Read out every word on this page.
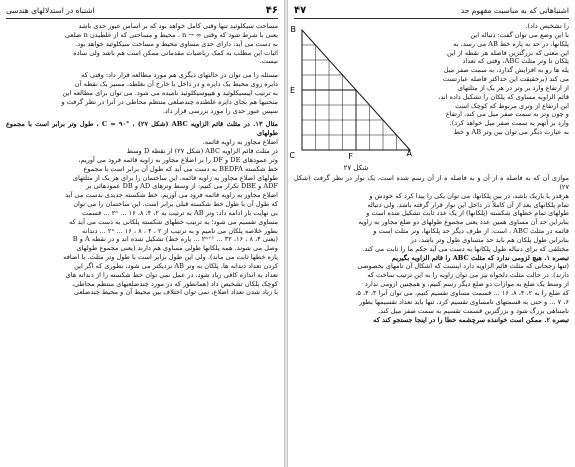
۴۶
اشتباه در استدلالهای هندسی

مساحت سیکلوئید تنها وقتی کامل خواهد بود که بر اساس عبور حدی باشد

یعنی با شرط شود که وقتی ∞ → n ، محیط و مساحتی که از غلطیدن n ضلعی

به دست می آید، دارای حدی مساوی محیط و مساحت سیکلوئید خواهد بود.

اثبات این مطلب به کمک ریاضیات مقدماتی ممکن است هم باشد ولی ساده

نیست.

مسئله را می توان در حالتهای دیگری هم مورد مطالعه قرار داد: وقتی که

دایره روی محیط یک دایره و در داخل یا خارج آن بغلطد، مسیر یک نقطه آن

به ترتیب اپیسیکلوئید و هیپوسیکلوئید نامیده می شود. می توان برای مطالعه این

منحنیها هم بجای دایره غلطنده چندضلعی منتظم محاطی در آنرا در نظر گرفت و

سپس عبور حدی را مورد بررسی قرار داد.

مثال ۱۳. در مثلث قائم الزاویه ABC (شکل ۲۷) ، °C = ۹۰ ، طول وتر برابر است با مجموع طولهای

اضلاع مجاور به زاویه قائمه.

در مثلث قائم الزاویه ABC (شکل ۲۷) از نقطه D وسط

وتر عمودهای DE و DF را بر اضلاع مجاور به زاویه قائمه فرود می آوریم،

خط شکسته BEDFA به دست می آید که طول آن برابر است با مجموع

طولهای اضلاع مجاور به زاویه قائمه. این ساختمان را برای هر یک از مثلثهای

ADF و DBE تکرار می کنیم: از وسط وترهای AD و DB عمودهائی بر

اضلاع مجاور به زاویه قائمه فرود می آوریم، خط شکسته جدیدی بدست می آید

که طول آن با طول خط شکسته قبلی برابر است. این ساختمان را می توان

بی نهایت بار ادامه داد: وتر AB به ترتیب به ۲، ۴، ۸، ۱۶ ... ۲ⁿ ... قسمت

مساوی تقسیم می شود؛ به ترتیب خطهای شکسته پلکانی به دست می آید که

بطور خلاصه پلکان می نامیم و به ترتیب از ۲ ، ۴ ، ۸ ، ۱۶ ... ۲ⁿ ... دندانه

(یعنی ۴، ۸ ، ۱۶، ۳۲ ... ۲ⁿ⁺¹ ... پاره خط) تشکیل شده اند و در نقطه A و B

وصل می شوند. همه پلکانها طولی مساوی هم دارند (یعنی مجموع طولهای

پاره خطها ثابت می ماند). ولی این طول برابر است با طول وتر مثلث. با اضافه

کردن تعداد دندانه ها، پلکان به وتر AB نزدیکتر می شود، بطوری که اگر این

تعداد به اندازه کافی زیاد شود، در عمل نمی توان خط شکسته را از دندانه های

کوچک پلکان تشخیص داد (همانطور که در مورد چندضلعیهای منتظم محاطی،

با زیاد شدن تعداد اضلاع، نمی توان اختلاف بین محیط آن و محیط چندضلعی

۴۷	اشتباهاتی که به مناسبت مفهوم حد
B
A
C
E
F
شکل ۲۷

را تشخیص داد).

با این وضع می توان گفت: دنباله این

پلکانها، در حد به پاره خط AB می رسد، به

این معنی که بزرگترین فاصله هر نقطه از این

پلکان تا وتر مثلث ABC، وقتی که تعداد

پله ها رو به افزایش گذارد، به سمت صفر میل

می کند (برحقیقت این حداکثر فاصله عبارتست

از ارتفاع وارد بر وتر در هر یک از مثلثهای

قائم الزاویه مساوی که پلکان را تشکیل داده اند،

این ارتفاع از وتری مربوط که کوچک است

و چون وتر به سمت صفر میل می کند، ارتفاع

وارد بر آنهم به سمت صفر میل خواهد کرد).

به عبارت دیگر می توان بین وتر AB و خط

موازی آن که به فاصله ه از آن و به فاصله ه از آن رسم شده است، یک نوار در نظر گرفت (شکل ۲۷)

هرقدر یا باریک باشد، در بین پلکانها، می توان یکی را پیدا کرد که خودش و

تمام پلکانهای بعد از آن کاملاً در داخل این نوار قرار گرفته باشد. ولی دنباله

طولهای تمام خطهای شکسته (پلکانها) از یک عدد ثابت تشکیل شده است و

بنابراین حد آن مساوی همین عدد یعنی مجموع طولهای دو ضلع مجاور به زاویه

قائمه در مثلث ABC ، است. از طرف دیگر حد پلکانها، وتر مثلث است و

بنابراین طول پلکان هم باید حد متساوی طول وتر باشد، در

مختلفی که برای دنباله طول پلکانها به دست می آید حکم ما را ثابت می کند.

تبصره ۱. هیچ لزومی ندارد که مثلث ABC را قائم الزاویه بگیریم

(تنها رجحانی که مثلث قائم الزاویه دارد اینست که اشکال آن نامهای بخصوصی

دارند). در حالت مثلث دلخواه نیز می توان زاویه را به این ترتیب ساخت که

از وسط یک ضلع به موازات دو ضلع دیگر رسم کنیم، و همچنین ازومی ندارد

که ضلع را به ۲، ۴، ۸، ۱۶ ... قسمت مساوی تقسیم کنیم، می توان آنرا ۳، ۴، ۵،

۶، ۷ ... و حتی به قسمتهای نامساوی تقسیم کرد، تنها باید تعداد تقسیمها بطور

نامتناهی بزرگ شود و بزرگترین قسمت تقسیم به سمت صفر میل کند.

تبصره ۲. ممکن است خواننده سرچشمه خطا را در اینجا جستجو کند که
